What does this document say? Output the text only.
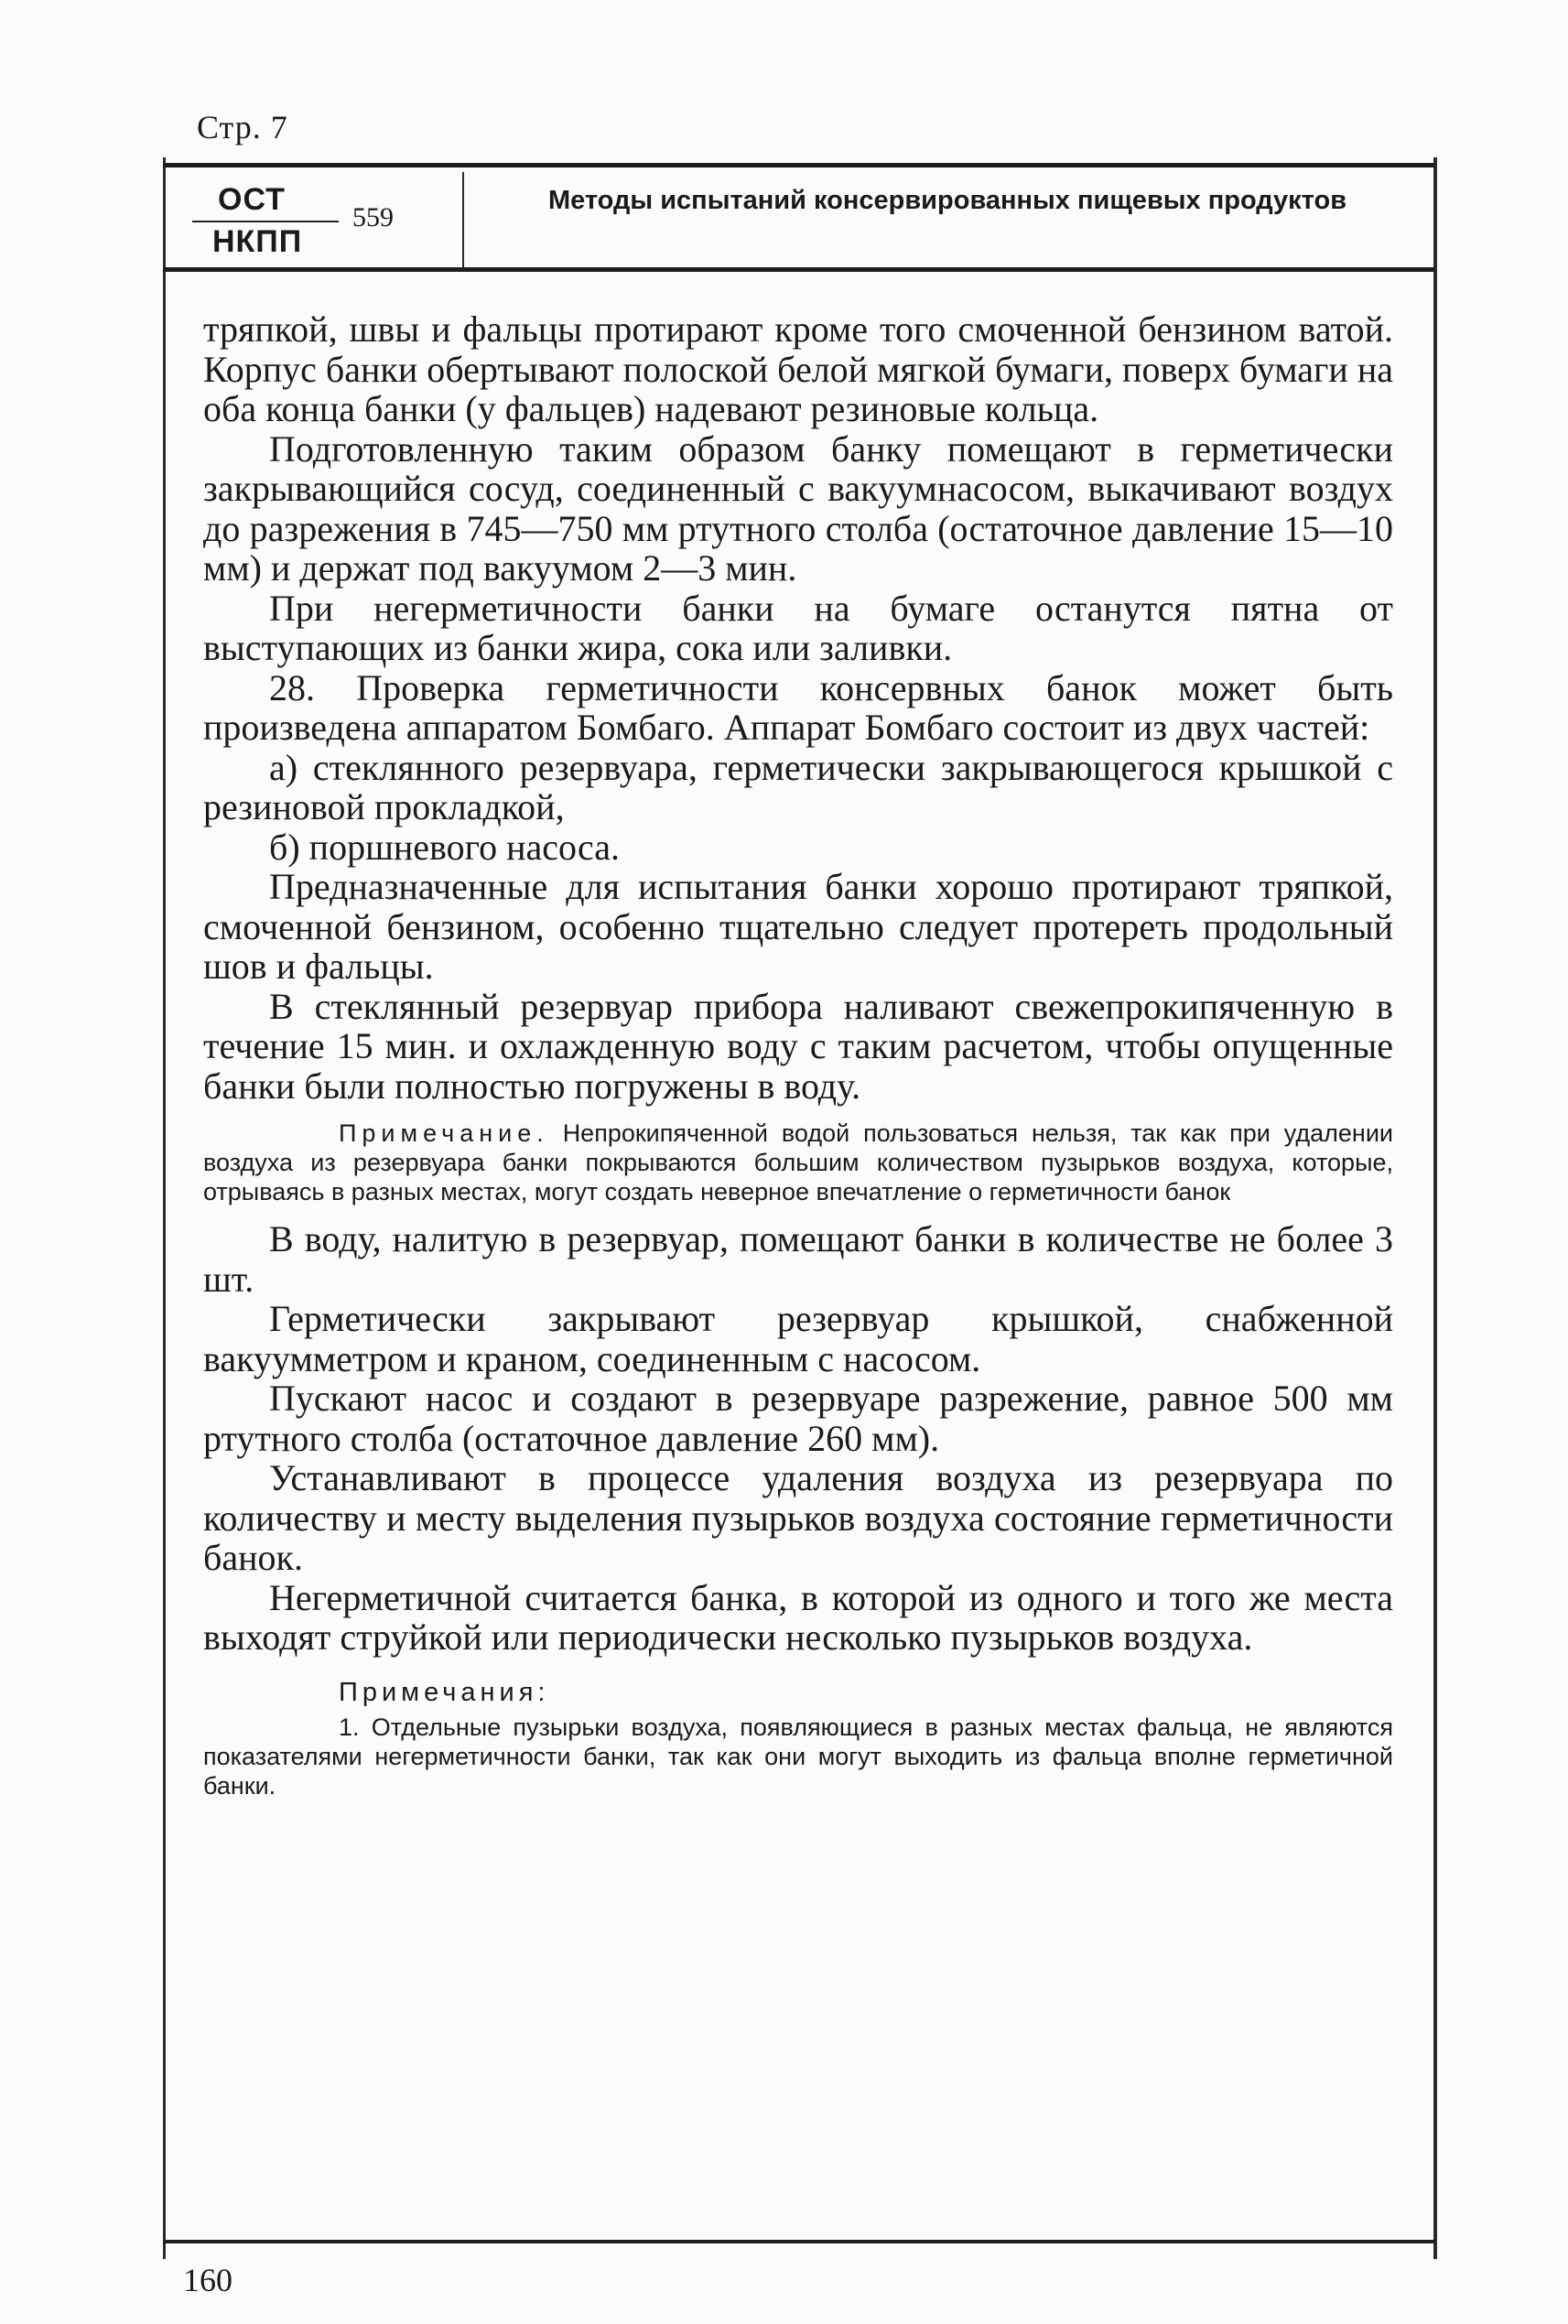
Стр. 7
ОСТ
НКПП
559
Методы испытаний консервированных пищевых продуктов

тряпкой, швы и фальцы протирают кроме того смоченной бензином ватой. Корпус банки обертывают полоской белой мягкой бумаги, поверх бумаги на оба конца банки (у фальцев) надевают резиновые кольца.

Подготовленную таким образом банку помещают в герметически закрывающийся сосуд, соединенный с вакуумнасосом, выкачивают воздух до разрежения в 745—750 мм ртутного столба (остаточное давление 15—10 мм) и держат под вакуумом 2—3 мин.

При негерметичности банки на бумаге останутся пятна от выступающих из банки жира, сока или заливки.

28. Проверка герметичности консервных банок может быть произведена аппаратом Бомбаго. Аппарат Бомбаго состоит из двух частей:

а) стеклянного резервуара, герметически закрывающегося крышкой с резиновой прокладкой,

б) поршневого насоса.

Предназначенные для испытания банки хорошо протирают тряпкой, смоченной бензином, особенно тщательно следует протереть продольный шов и фальцы.

В стеклянный резервуар прибора наливают свежепрокипяченную в течение 15 мин. и охлажденную воду с таким расчетом, чтобы опущенные банки были полностью погружены в воду.

Примечание. Непрокипяченной водой пользоваться нельзя, так как при удалении воздуха из резервуара банки покрываются большим количеством пузырьков воздуха, которые, отрываясь в разных местах, могут создать неверное впечатление о герметичности банок

В воду, налитую в резервуар, помещают банки в количестве не более 3 шт.

Герметически закрывают резервуар крышкой, снабженной вакуумметром и краном, соединенным с насосом.

Пускают насос и создают в резервуаре разрежение, равное 500 мм ртутного столба (остаточное давление 260 мм).

Устанавливают в процессе удаления воздуха из резервуара по количеству и месту выделения пузырьков воздуха состояние герметичности банок.

Негерметичной считается банка, в которой из одного и того же места выходят струйкой или периодически несколько пузырьков воздуха.

Примечания:

1. Отдельные пузырьки воздуха, появляющиеся в разных местах фальца, не являются показателями негерметичности банки, так как они могут выходить из фальца вполне герметичной банки.

160
